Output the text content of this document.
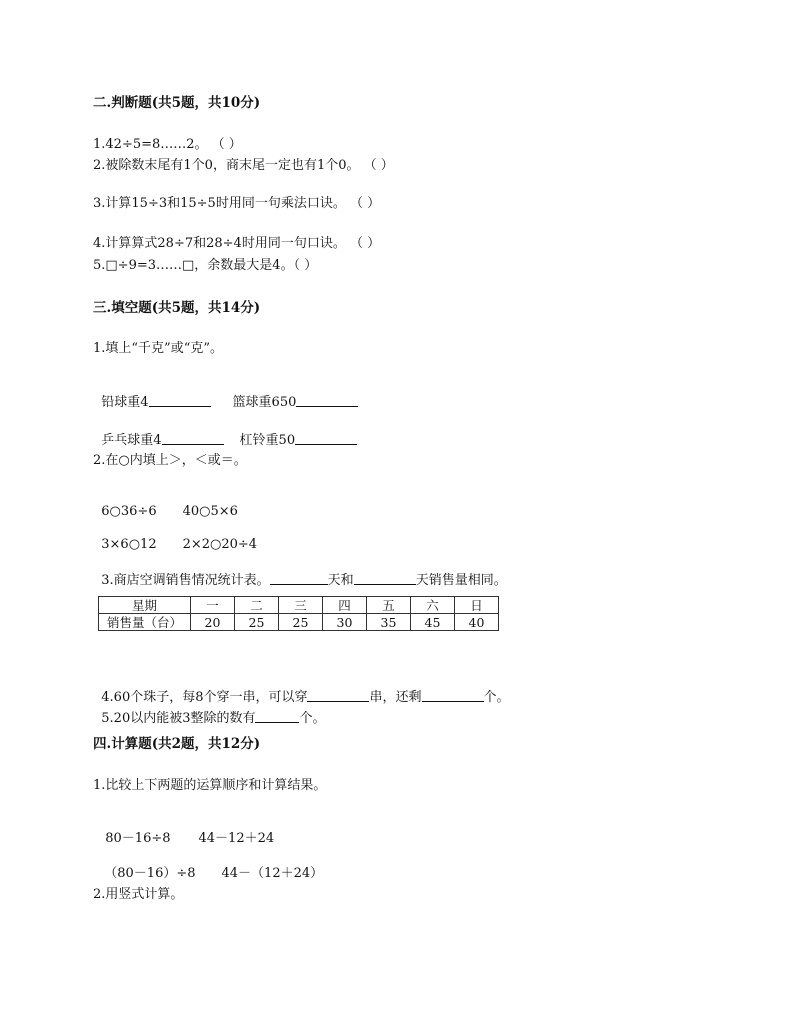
二.判断题(共5题，共10分)
1.42÷5=8……2。 （ ）
2.被除数末尾有1个0，商末尾一定也有1个0。 （ ）
3.计算15÷3和15÷5时用同一句乘法口诀。 （ ）
4.计算算式28÷7和28÷4时用同一句口诀。 （ ）
5.□÷9=3……□，余数最大是4。（ ）
三.填空题(共5题，共14分)
1.填上“千克”或“克”。

铅球重4	篮球重650

乒乓球重4	杠铃重50

2.在○内填上＞，＜或＝。

6○36÷6 40○5×6

3×6○12 2×2○20÷4

3.商店空调销售情况统计表。	天和	天销售量相同。

星期	一	二	三	四	五	六	日
销售量（台）	20	25	25	30	35	45	40

4.60个珠子，每8个穿一串，可以穿	串，还剩	个。

5.20以内能被3整除的数有	个。

四.计算题(共2题，共12分)
1.比较上下两题的运算顺序和计算结果。

80－16÷8 44－12＋24

（80－16）÷8 44－（12＋24）

2.用竖式计算。
